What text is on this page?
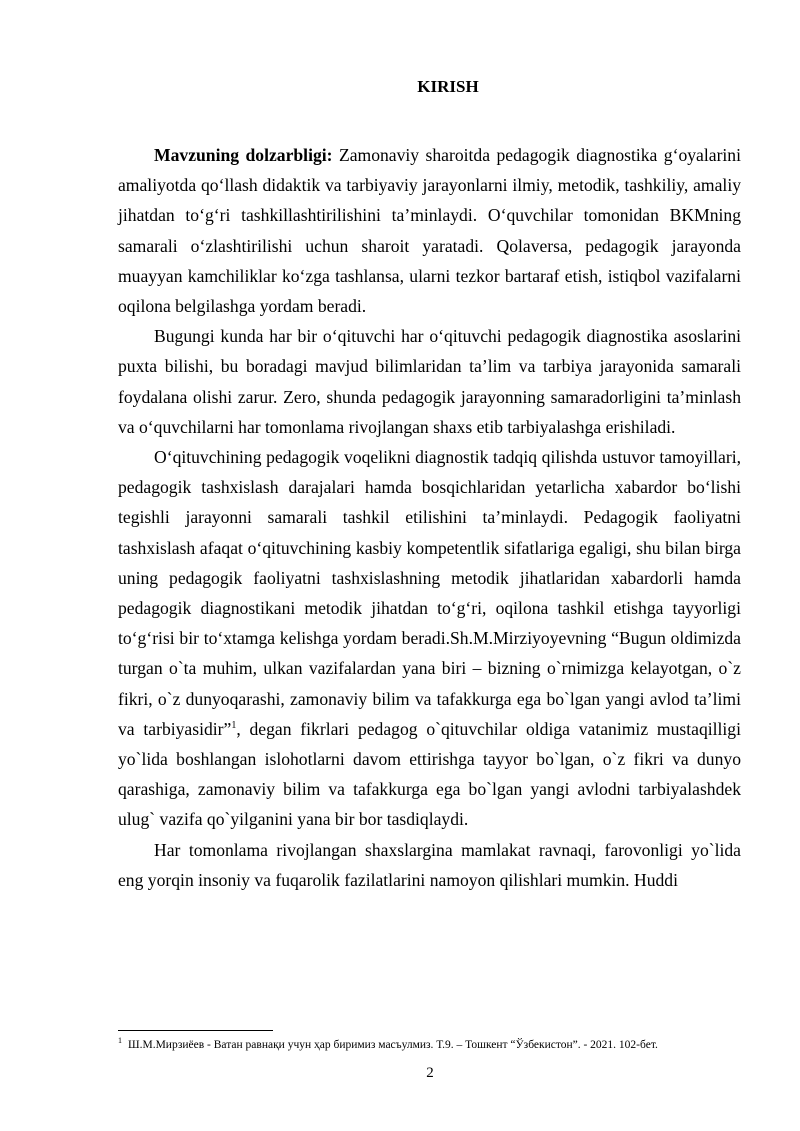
KIRISH

Mavzuning dolzarbligi: Zamonaviy sharoitda pedagogik diagnostika g‘oyalarini amaliyotda qo‘llash didaktik va tarbiyaviy jarayonlarni ilmiy, metodik, tashkiliy, amaliy jihatdan to‘g‘ri tashkillashtirilishini ta’minlaydi. O‘quvchilar tomonidan BKMning samarali o‘zlashtirilishi uchun sharoit yaratadi. Qolaversa, pedagogik jarayonda muayyan kamchiliklar ko‘zga tashlansa, ularni tezkor bartaraf etish, istiqbol vazifalarni oqilona belgilashga yordam beradi.

Bugungi kunda har bir o‘qituvchi har o‘qituvchi pedagogik diagnostika asoslarini puxta bilishi, bu boradagi mavjud bilimlaridan ta’lim va tarbiya jarayonida samarali foydalana olishi zarur. Zero, shunda pedagogik jarayonning samaradorligini ta’minlash va o‘quvchilarni har tomonlama rivojlangan shaxs etib tarbiyalashga erishiladi.

O‘qituvchining pedagogik voqelikni diagnostik tadqiq qilishda ustuvor tamoyillari, pedagogik tashxislash darajalari hamda bosqichlaridan yetarlicha xabardor bo‘lishi tegishli jarayonni samarali tashkil etilishini ta’minlaydi. Pedagogik faoliyatni tashxislash afaqat o‘qituvchining kasbiy kompetentlik sifatlariga egaligi, shu bilan birga uning pedagogik faoliyatni tashxislashning metodik jihatlaridan xabardorli hamda pedagogik diagnostikani metodik jihatdan to‘g‘ri, oqilona tashkil etishga tayyorligi to‘g‘risi bir to‘xtamga kelishga yordam beradi.Sh.M.Mirziyoyevning “Bugun oldimizda turgan o`ta muhim, ulkan vazifalardan yana biri – bizning o`rnimizga kelayotgan, o`z fikri, o`z dunyoqarashi, zamonaviy bilim va tafakkurga ega bo`lgan yangi avlod ta’limi va tarbiyasidir”$^1$, degan fikrlari pedagog o`qituvchilar oldiga vatanimiz mustaqilligi yo`lida boshlangan islohotlarni davom ettirishga tayyor bo`lgan, o`z fikri va dunyo qarashiga, zamonaviy bilim va tafakkurga ega bo`lgan yangi avlodni tarbiyalashdek ulug` vazifa qo`yilganini yana bir bor tasdiqlaydi.

Har tomonlama rivojlangan shaxslargina mamlakat ravnaqi, farovonligi yo`lida eng yorqin insoniy va fuqarolik fazilatlarini namoyon qilishlari mumkin. Huddi

$^1$ Ш.М.Мирзиёев - Ватан равнақи учун ҳар биримиз масъулмиз. Т.9. – Тошкент “Ўзбекистон”. - 2021. 102-бет.
2
